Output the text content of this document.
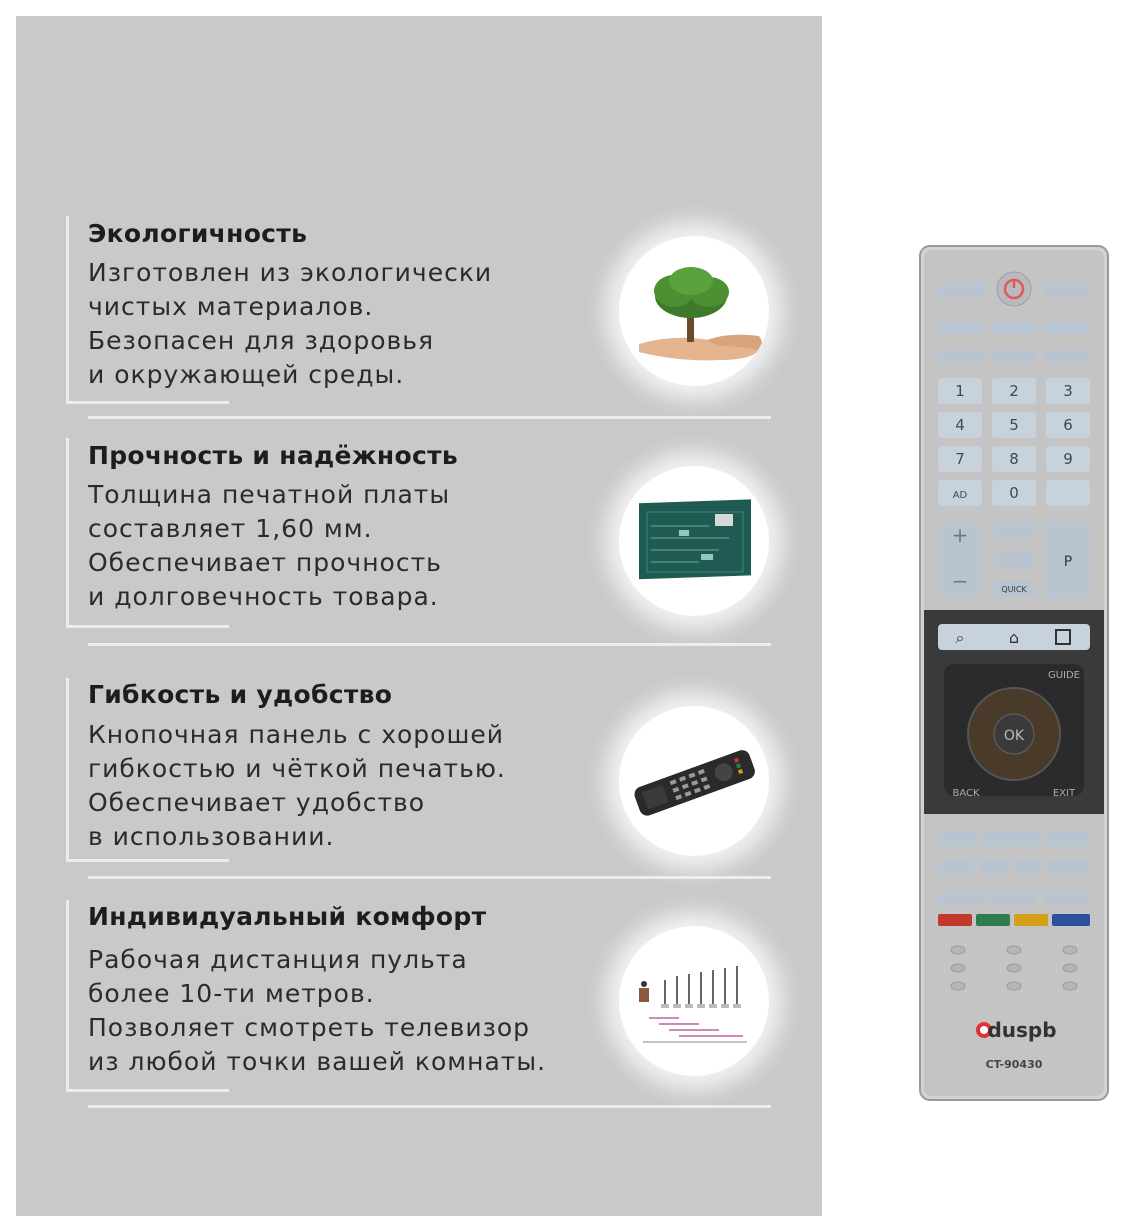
Экологичность
Изготовлен из экологически
чистых материалов.
Безопасен для здоровья
и окружающей среды.
Прочность и надёжность
Толщина печатной платы
составляет 1,60 мм.
Обеспечивает прочность
и долговечность товара.
Гибкость и удобство
Кнопочная панель с хорошей
гибкостью и чёткой печатью.
Обеспечивает удобство
в использовании.
Индивидуальный комфорт
Рабочая дистанция пульта
более 10-ти метров.
Позволяет смотреть телевизор
из любой точки вашей комнаты.
1	2	3
4	5	6
7	8	9
AD	0
+
−	QUICK
P
⌕	⌂
GUIDE
BACK	EXIT
OK
duspb
CT-90430
